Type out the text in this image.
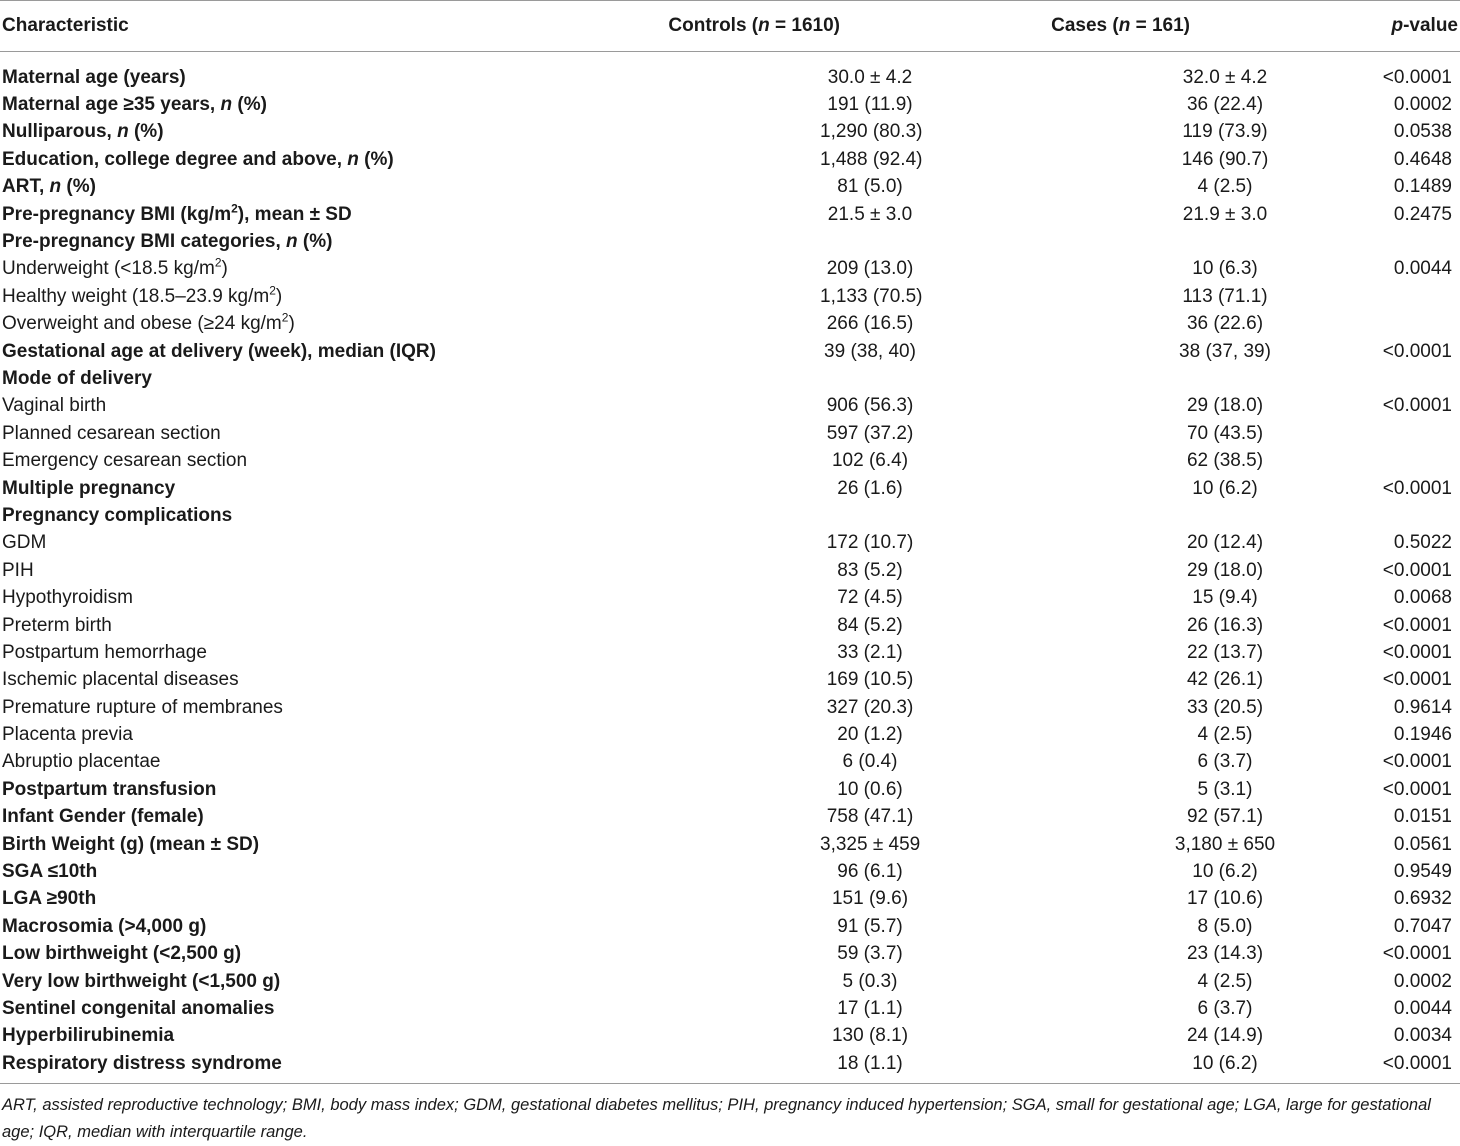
Characteristic	Controls (n = 1610)	Cases (n = 161)	p-value

Maternal age (years)	30.0 ± 4.2	32.0 ± 4.2	<0.0001
Maternal age ≥35 years, n (%)	191 (11.9)	36 (22.4)	0.0002
Nulliparous, n (%)	1,290 (80.3)	119 (73.9)	0.0538
Education, college degree and above, n (%)	1,488 (92.4)	146 (90.7)	0.4648
ART, n (%)	81 (5.0)	4 (2.5)	0.1489
Pre-pregnancy BMI $(kg/m^2)$, mean ± SD	21.5 ± 3.0	21.9 ± 3.0	0.2475
Pre-pregnancy BMI categories, n (%)			
Underweight (<18.5 $kg/m^2$)	209 (13.0)	10 (6.3)	0.0044
Healthy weight (18.5–23.9 $kg/m^2$)	1,133 (70.5)	113 (71.1)	
Overweight and obese (≥24 $kg/m^2$)	266 (16.5)	36 (22.6)	
Gestational age at delivery (week), median (IQR)	39 (38, 40)	38 (37, 39)	<0.0001
Mode of delivery			
Vaginal birth	906 (56.3)	29 (18.0)	<0.0001
Planned cesarean section	597 (37.2)	70 (43.5)	
Emergency cesarean section	102 (6.4)	62 (38.5)	
Multiple pregnancy	26 (1.6)	10 (6.2)	<0.0001
Pregnancy complications			
GDM	172 (10.7)	20 (12.4)	0.5022
PIH	83 (5.2)	29 (18.0)	<0.0001
Hypothyroidism	72 (4.5)	15 (9.4)	0.0068
Preterm birth	84 (5.2)	26 (16.3)	<0.0001
Postpartum hemorrhage	33 (2.1)	22 (13.7)	<0.0001
Ischemic placental diseases	169 (10.5)	42 (26.1)	<0.0001
Premature rupture of membranes	327 (20.3)	33 (20.5)	0.9614
Placenta previa	20 (1.2)	4 (2.5)	0.1946
Abruptio placentae	6 (0.4)	6 (3.7)	<0.0001
Postpartum transfusion	10 (0.6)	5 (3.1)	<0.0001
Infant Gender (female)	758 (47.1)	92 (57.1)	0.0151
Birth Weight (g) (mean ± SD)	3,325 ± 459	3,180 ± 650	0.0561
SGA ≤10th	96 (6.1)	10 (6.2)	0.9549
LGA ≥90th	151 (9.6)	17 (10.6)	0.6932
Macrosomia (>4,000 g)	91 (5.7)	8 (5.0)	0.7047
Low birthweight (<2,500 g)	59 (3.7)	23 (14.3)	<0.0001
Very low birthweight (<1,500 g)	5 (0.3)	4 (2.5)	0.0002
Sentinel congenital anomalies	17 (1.1)	6 (3.7)	0.0044
Hyperbilirubinemia	130 (8.1)	24 (14.9)	0.0034
Respiratory distress syndrome	18 (1.1)	10 (6.2)	<0.0001
ART, assisted reproductive technology; BMI, body mass index; GDM, gestational diabetes mellitus; PIH, pregnancy induced hypertension; SGA, small for gestational age; LGA, large for gestational age; IQR, median with interquartile range.
